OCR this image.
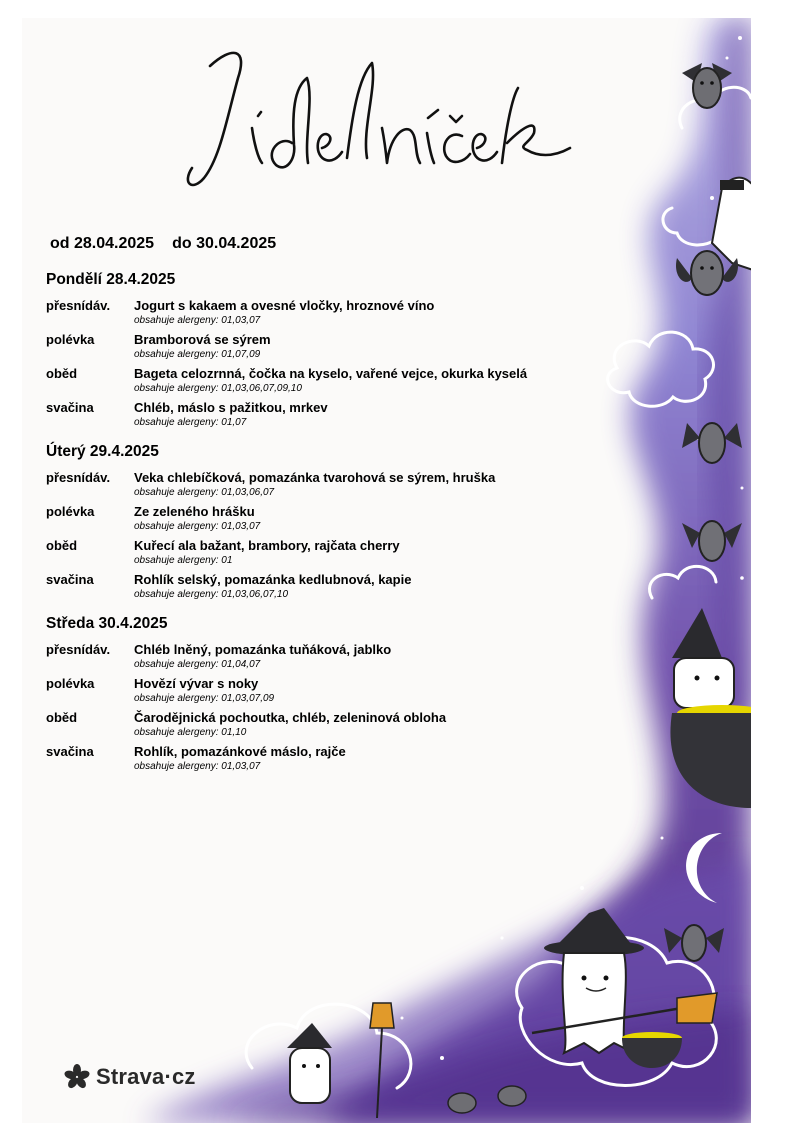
od 28.04.2025 do 30.04.2025
Pondělí 28.4.2025
přesnídáv. Jogurt s kakaem a ovesné vločky, hroznové víno
obsahuje alergeny: 01,03,07
polévka	Bramborová se sýrem
obsahuje alergeny: 01,07,09
oběd	Bageta celozrnná, čočka na kyselo, vařené vejce, okurka kyselá
obsahuje alergeny: 01,03,06,07,09,10
svačina	Chléb, máslo s pažitkou, mrkev
obsahuje alergeny: 01,07
Úterý 29.4.2025
přesnídáv. Veka chlebíčková, pomazánka tvarohová se sýrem, hruška
obsahuje alergeny: 01,03,06,07
polévka	Ze zeleného hrášku
obsahuje alergeny: 01,03,07
oběd	Kuřecí ala bažant, brambory, rajčata cherry
obsahuje alergeny: 01
svačina	Rohlík selský, pomazánka kedlubnová, kapie
obsahuje alergeny: 01,03,06,07,10
Středa 30.4.2025
přesnídáv. Chléb lněný, pomazánka tuňáková, jablko
obsahuje alergeny: 01,04,07
polévka	Hovězí vývar s noky
obsahuje alergeny: 01,03,07,09
oběd	Čarodějnická pochoutka, chléb, zeleninová obloha
obsahuje alergeny: 01,10
svačina	Rohlík, pomazánkové máslo, rajče
obsahuje alergeny: 01,03,07
Strava·cz
